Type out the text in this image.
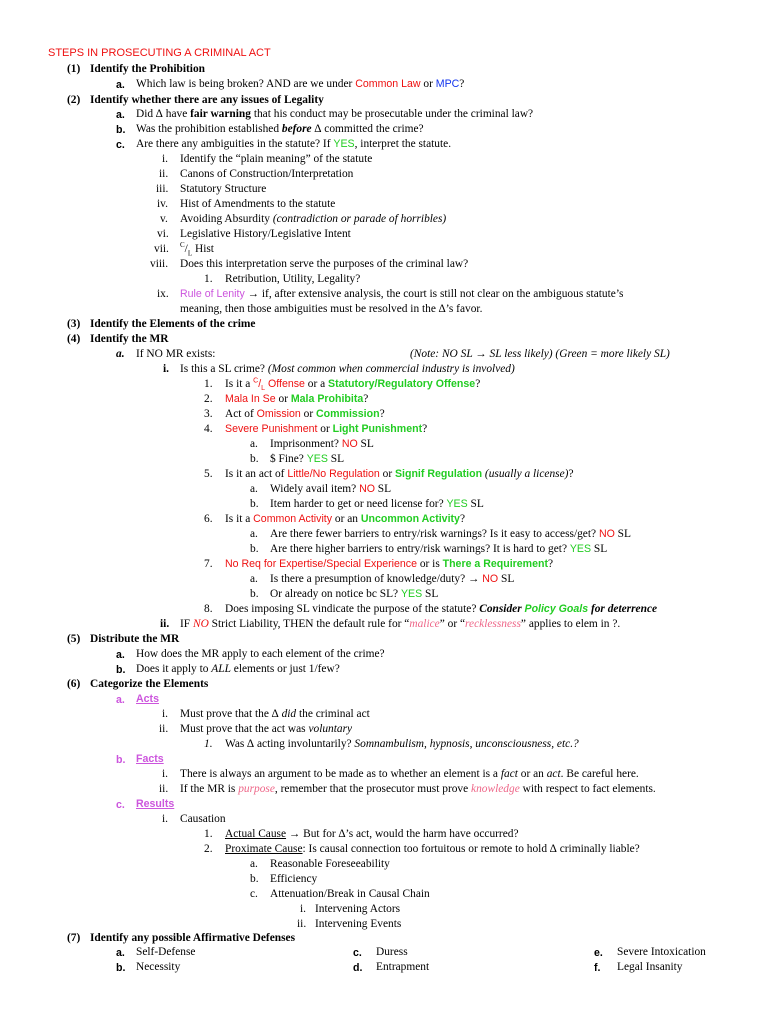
STEPS IN PROSECUTING A CRIMINAL ACT
(1) Identify the Prohibition
a. Which law is being broken? AND are we under Common Law or MPC?
(2) Identify whether there are any issues of Legality
a. Did ∆ have fair warning that his conduct may be prosecutable under the criminal law?
b. Was the prohibition established before ∆ committed the crime?
c. Are there any ambiguities in the statute? If YES, interpret the statute.
i. Identify the “plain meaning” of the statute
ii. Canons of Construction/Interpretation
iii. Statutory Structure
iv. Hist of Amendments to the statute
v. Avoiding Absurdity (contradiction or parade of horribles)
vi. Legislative History/Legislative Intent
vii. $^C/_L$ Hist
viii. Does this interpretation serve the purposes of the criminal law?
1. Retribution, Utility, Legality?
ix. Rule of Lenity → if, after extensive analysis, the court is still not clear on the ambiguous statute’s
meaning, then those ambiguities must be resolved in the ∆’s favor.
(3) Identify the Elements of the crime
(4) Identify the MR
a. If NO MR exists:	(Note: NO SL → SL less likely) (Green = more likely SL)
i. Is this a SL crime? (Most common when commercial industry is involved)
1. Is it a $^C/_L$ Offense or a Statutory/Regulatory Offense?
2. Mala In Se or Mala Prohibita?
3. Act of Omission or Commission?
4. Severe Punishment or Light Punishment?
a. Imprisonment? NO SL
b. $ Fine? YES SL
5. Is it an act of Little/No Regulation or Signif Regulation (usually a license)?
a. Widely avail item? NO SL
b. Item harder to get or need license for? YES SL
6. Is it a Common Activity or an Uncommon Activity?
a. Are there fewer barriers to entry/risk warnings? Is it easy to access/get? NO SL
b. Are there higher barriers to entry/risk warnings? It is hard to get? YES SL
7. No Req for Expertise/Special Experience or is There a Requirement?
a. Is there a presumption of knowledge/duty? → NO SL
b. Or already on notice bc SL? YES SL
8. Does imposing SL vindicate the purpose of the statute? Consider Policy Goals for deterrence
ii. IF NO Strict Liability, THEN the default rule for “malice” or “recklessness” applies to elem in ?.
(5) Distribute the MR
a. How does the MR apply to each element of the crime?
b. Does it apply to ALL elements or just 1/few?
(6) Categorize the Elements
a. Acts
i. Must prove that the ∆ did the criminal act
ii. Must prove that the act was voluntary
1. Was ∆ acting involuntarily? Somnambulism, hypnosis, unconsciousness, etc.?
b. Facts
i. There is always an argument to be made as to whether an element is a fact or an act. Be careful here.
ii. If the MR is purpose, remember that the prosecutor must prove knowledge with respect to fact elements.
c. Results
i. Causation
1. Actual Cause → But for ∆’s act, would the harm have occurred?
2. Proximate Cause: Is causal connection too fortuitous or remote to hold ∆ criminally liable?
a. Reasonable Foreseeability
b. Efficiency
c. Attenuation/Break in Causal Chain
i. Intervening Actors
ii. Intervening Events
(7) Identify any possible Affirmative Defenses
a. Self-Defense
b. Necessity
c. Duress
d. Entrapment
e. Severe Intoxication
f. Legal Insanity
